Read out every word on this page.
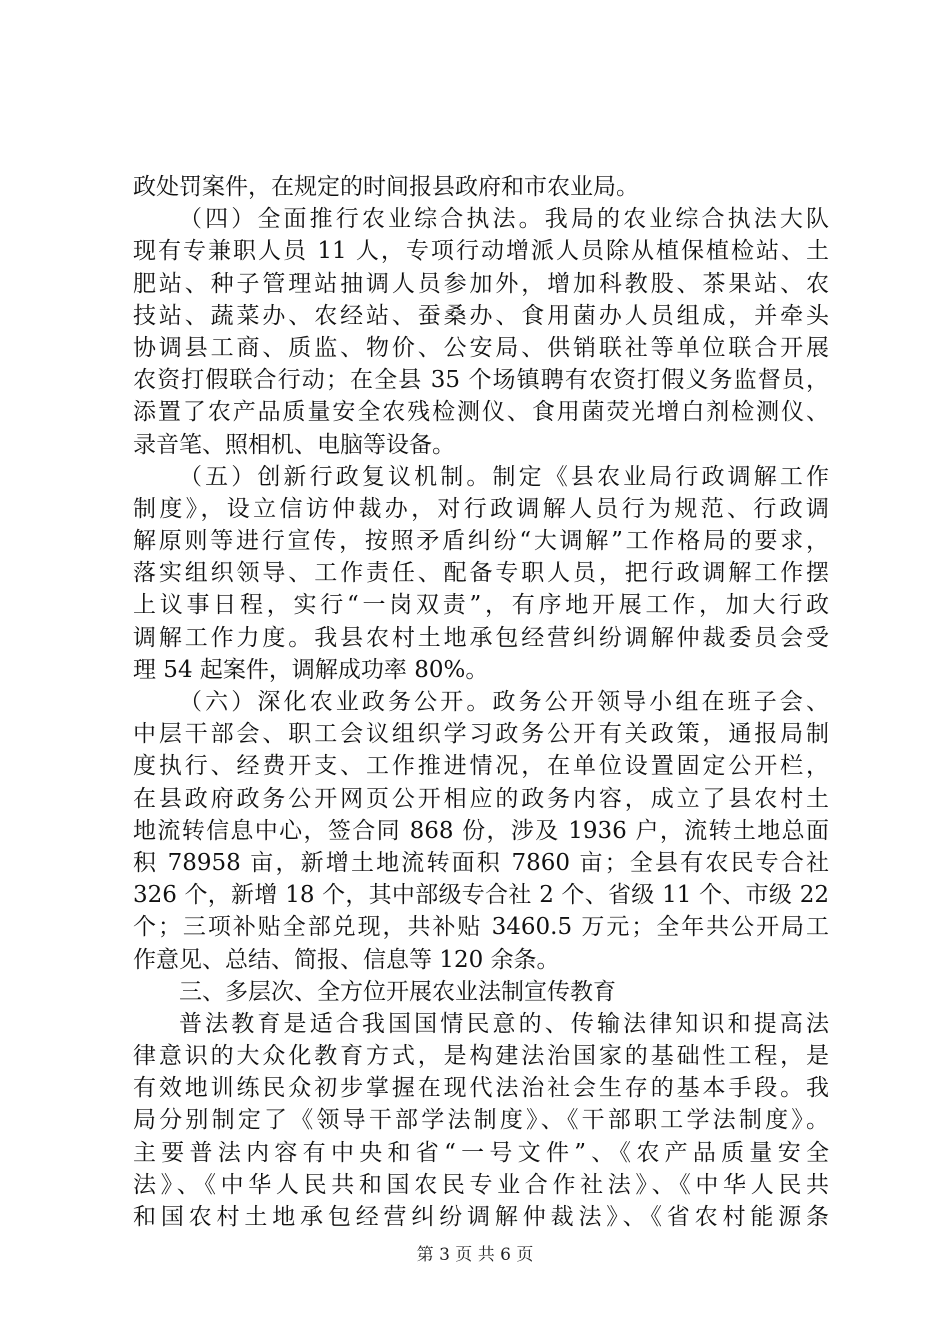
政处罚案件，在规定的时间报县政府和市农业局。
（四）全面推行农业综合执法。我局的农业综合执法大队
现有专兼职人员 11 人，专项行动增派人员除从植保植检站、土
肥站、种子管理站抽调人员参加外，增加科教股、茶果站、农
技站、蔬菜办、农经站、蚕桑办、食用菌办人员组成，并牵头
协调县工商、质监、物价、公安局、供销联社等单位联合开展
农资打假联合行动；在全县 35 个场镇聘有农资打假义务监督员，
添置了农产品质量安全农残检测仪、食用菌荧光增白剂检测仪、
录音笔、照相机、电脑等设备。
（五）创新行政复议机制。制定《县农业局行政调解工作
制度》，设立信访仲裁办，对行政调解人员行为规范、行政调
解原则等进行宣传，按照矛盾纠纷“大调解”工作格局的要求，
落实组织领导、工作责任、配备专职人员，把行政调解工作摆
上议事日程，实行“一岗双责”，有序地开展工作，加大行政
调解工作力度。我县农村土地承包经营纠纷调解仲裁委员会受
理 54 起案件，调解成功率 80%。
（六）深化农业政务公开。政务公开领导小组在班子会、
中层干部会、职工会议组织学习政务公开有关政策，通报局制
度执行、经费开支、工作推进情况，在单位设置固定公开栏，
在县政府政务公开网页公开相应的政务内容，成立了县农村土
地流转信息中心，签合同 868 份，涉及 1936 户，流转土地总面
积 78958 亩，新增土地流转面积 7860 亩；全县有农民专合社
326 个，新增 18 个，其中部级专合社 2 个、省级 11 个、市级 22
个；三项补贴全部兑现，共补贴 3460.5 万元；全年共公开局工
作意见、总结、简报、信息等 120 余条。
三、多层次、全方位开展农业法制宣传教育
普法教育是适合我国国情民意的、传输法律知识和提高法
律意识的大众化教育方式，是构建法治国家的基础性工程，是
有效地训练民众初步掌握在现代法治社会生存的基本手段。我
局分别制定了《领导干部学法制度》、《干部职工学法制度》。
主要普法内容有中央和省“一号文件”、《农产品质量安全
法》、《中华人民共和国农民专业合作社法》、《中华人民共
和国农村土地承包经营纠纷调解仲裁法》、《省农村能源条
第 3 页 共 6 页
